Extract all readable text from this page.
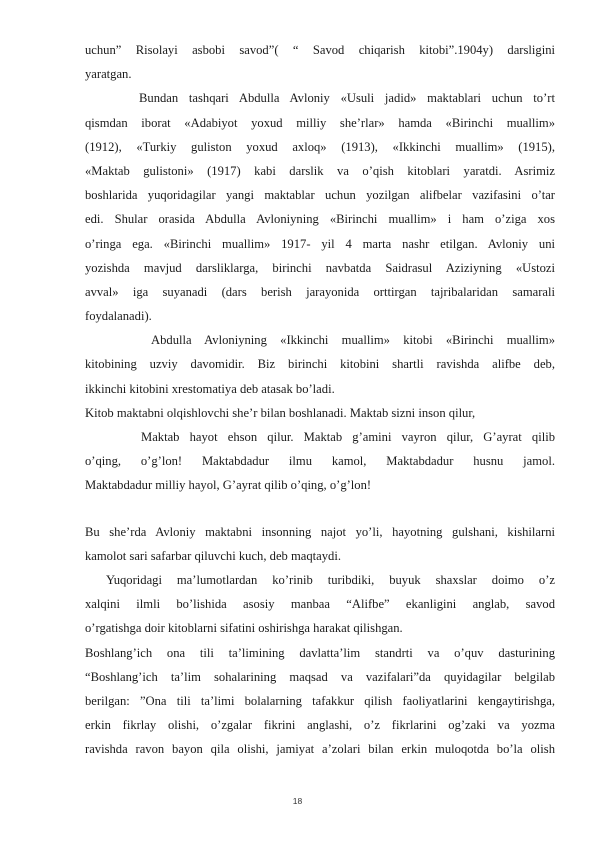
uchun” Risolayi asbobi savod”( “ Savod chiqarish kitobi”.1904y) darsligini
yaratgan.
Bundan tashqari Abdulla Avloniy «Usuli jadid» maktablari uchun to’rt
qismdan iborat «Adabiyot yoxud milliy she’rlar» hamda «Birinchi muallim»
(1912), «Turkiy guliston yoxud axloq» (1913), «Ikkinchi muallim» (1915),
«Maktab gulistoni» (1917) kabi darslik va o’qish kitoblari yaratdi. Asrimiz
boshlarida yuqoridagilar yangi maktablar uchun yozilgan alifbelar vazifasini o’tar
edi. Shular orasida Abdulla Avloniyning «Birinchi muallim» i ham o’ziga xos
o’ringa ega. «Birinchi muallim» 1917- yil 4 marta nashr etilgan. Avloniy uni
yozishda mavjud darsliklarga, birinchi navbatda Saidrasul Aziziyning «Ustozi
avval» iga suyanadi (dars berish jarayonida orttirgan tajribalaridan samarali
foydalanadi).
Abdulla Avloniyning «Ikkinchi muallim» kitobi «Birinchi muallim»
kitobining uzviy davomidir. Biz birinchi kitobini shartli ravishda alifbe deb,
ikkinchi kitobini xrestomatiya deb atasak bo’ladi.
Kitob maktabni olqishlovchi she’r bilan boshlanadi. Maktab sizni inson qilur,
Maktab hayot ehson qilur. Maktab g’amini vayron qilur, G’ayrat qilib
o’qing, o’g’lon! Maktabdadur ilmu kamol, Maktabdadur husnu jamol.
Maktabdadur milliy hayol, G’ayrat qilib o’qing, o’g’lon!
Bu she’rda Avloniy maktabni insonning najot yo’li, hayotning gulshani, kishilarni
kamolot sari safarbar qiluvchi kuch, deb maqtaydi.
Yuqoridagi ma’lumotlardan ko’rinib turibdiki, buyuk shaxslar doimo o’z
xalqini ilmli bo’lishida asosiy manbaa “Alifbe” ekanligini anglab, savod
o’rgatishga doir kitoblarni sifatini oshirishga harakat qilishgan.
Boshlang’ich ona tili ta’limining davlatta’lim standrti va o’quv dasturining
“Boshlang’ich ta’lim sohalarining maqsad va vazifalari”da quyidagilar belgilab
berilgan: ”Ona tili ta’limi bolalarning tafakkur qilish faoliyatlarini kengaytirishga,
erkin fikrlay olishi, o’zgalar fikrini anglashi, o’z fikrlarini og’zaki va yozma
ravishda ravon bayon qila olishi, jamiyat a’zolari bilan erkin muloqotda bo’la olish
18
